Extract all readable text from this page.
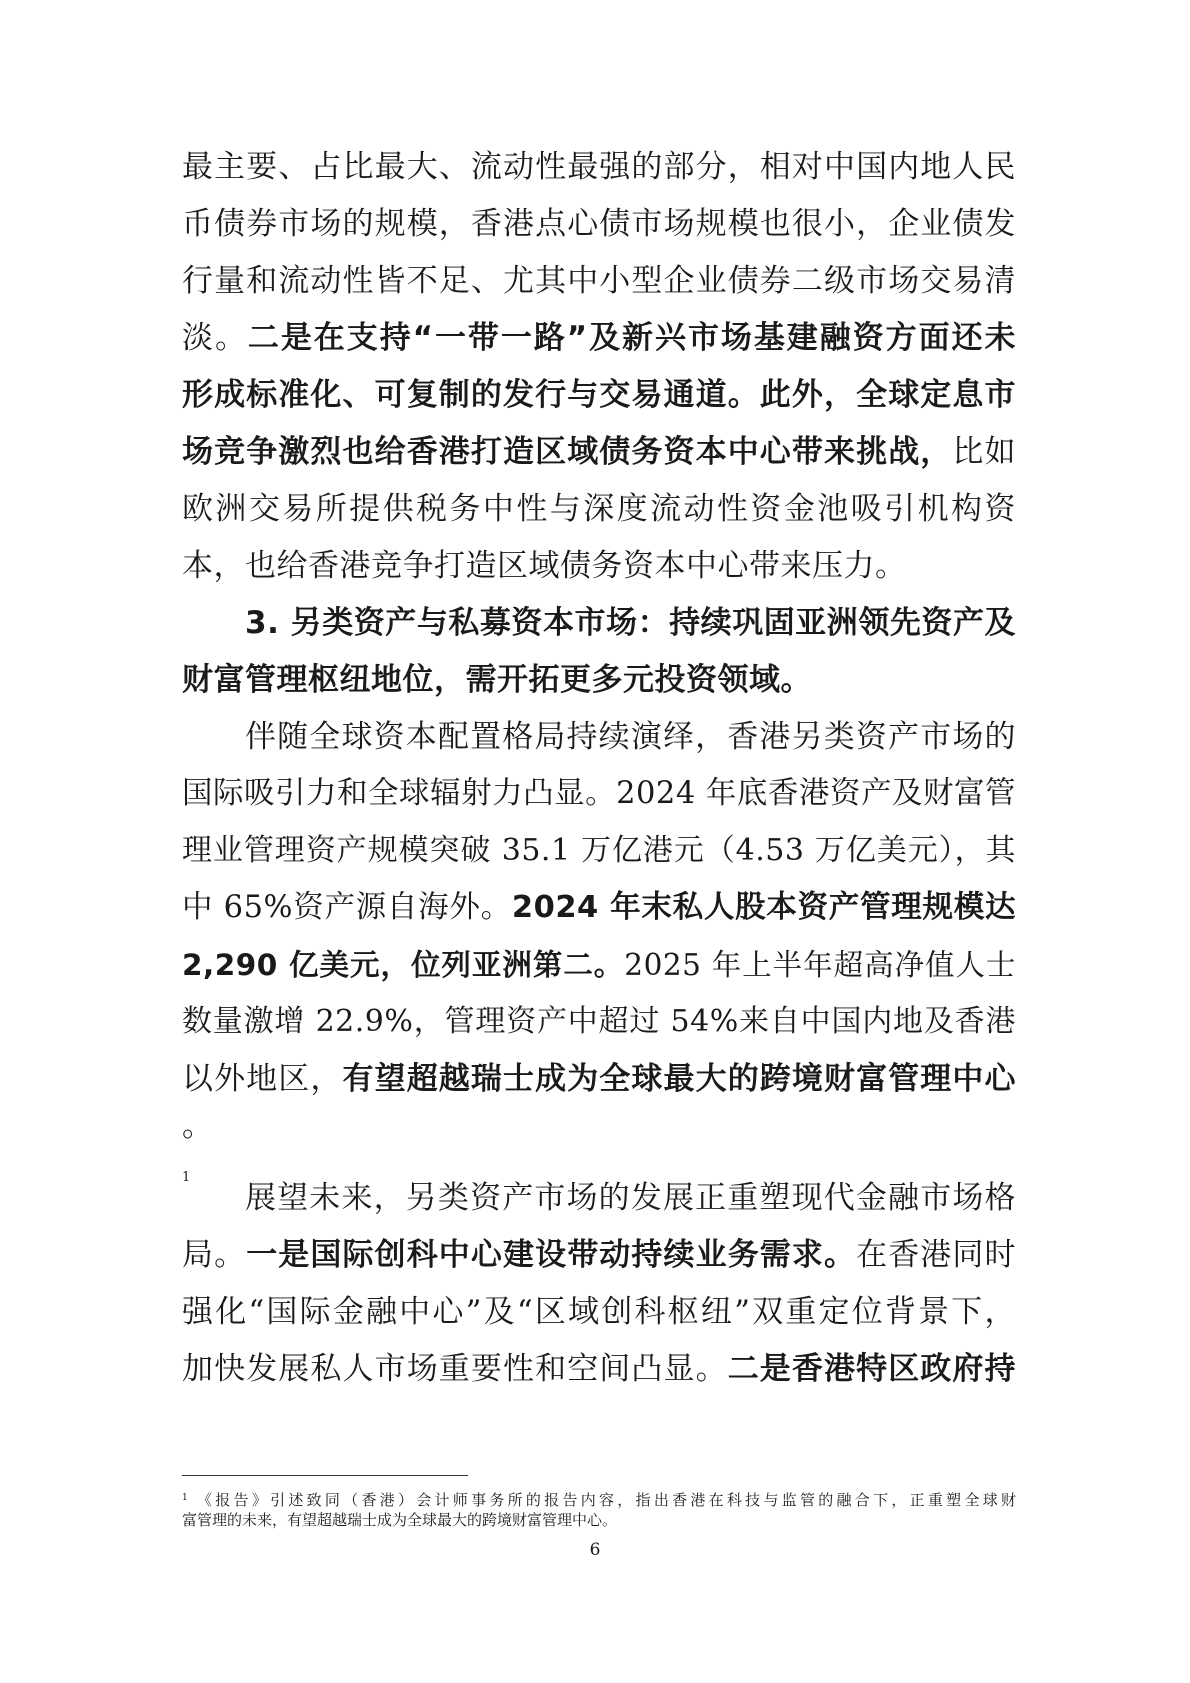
最主要、占比最大、流动性最强的部分，相对中国内地人民
币债券市场的规模，香港点心债市场规模也很小，企业债发
行量和流动性皆不足、尤其中小型企业债券二级市场交易清
淡。二是在支持“一带一路”及新兴市场基建融资方面还未
形成标准化、可复制的发行与交易通道。此外，全球定息市
场竞争激烈也给香港打造区域债务资本中心带来挑战，比如
欧洲交易所提供税务中性与深度流动性资金池吸引机构资
本，也给香港竞争打造区域债务资本中心带来压力。
3. 另类资产与私募资本市场：持续巩固亚洲领先资产及
财富管理枢纽地位，需开拓更多元投资领域。
伴随全球资本配置格局持续演绎，香港另类资产市场的
国际吸引力和全球辐射力凸显。2024 年底香港资产及财富管
理业管理资产规模突破 35.1 万亿港元（4.53 万亿美元），其
中 65%资产源自海外。2024 年末私人股本资产管理规模达
2,290 亿美元，位列亚洲第二。2025 年上半年超高净值人士
数量激增 22.9%，管理资产中超过 54%来自中国内地及香港
以外地区，有望超越瑞士成为全球最大的跨境财富管理中心
1
。
展望未来，另类资产市场的发展正重塑现代金融市场格
局。一是国际创科中心建设带动持续业务需求。在香港同时
强化“国际金融中心”及“区域创科枢纽”双重定位背景下，
加快发展私人市场重要性和空间凸显。二是香港特区政府持
$^1$ 《报告》引述致同（香港）会计师事务所的报告内容，指出香港在科技与监管的融合下，正重塑全球财
富管理的未来，有望超越瑞士成为全球最大的跨境财富管理中心。
6
